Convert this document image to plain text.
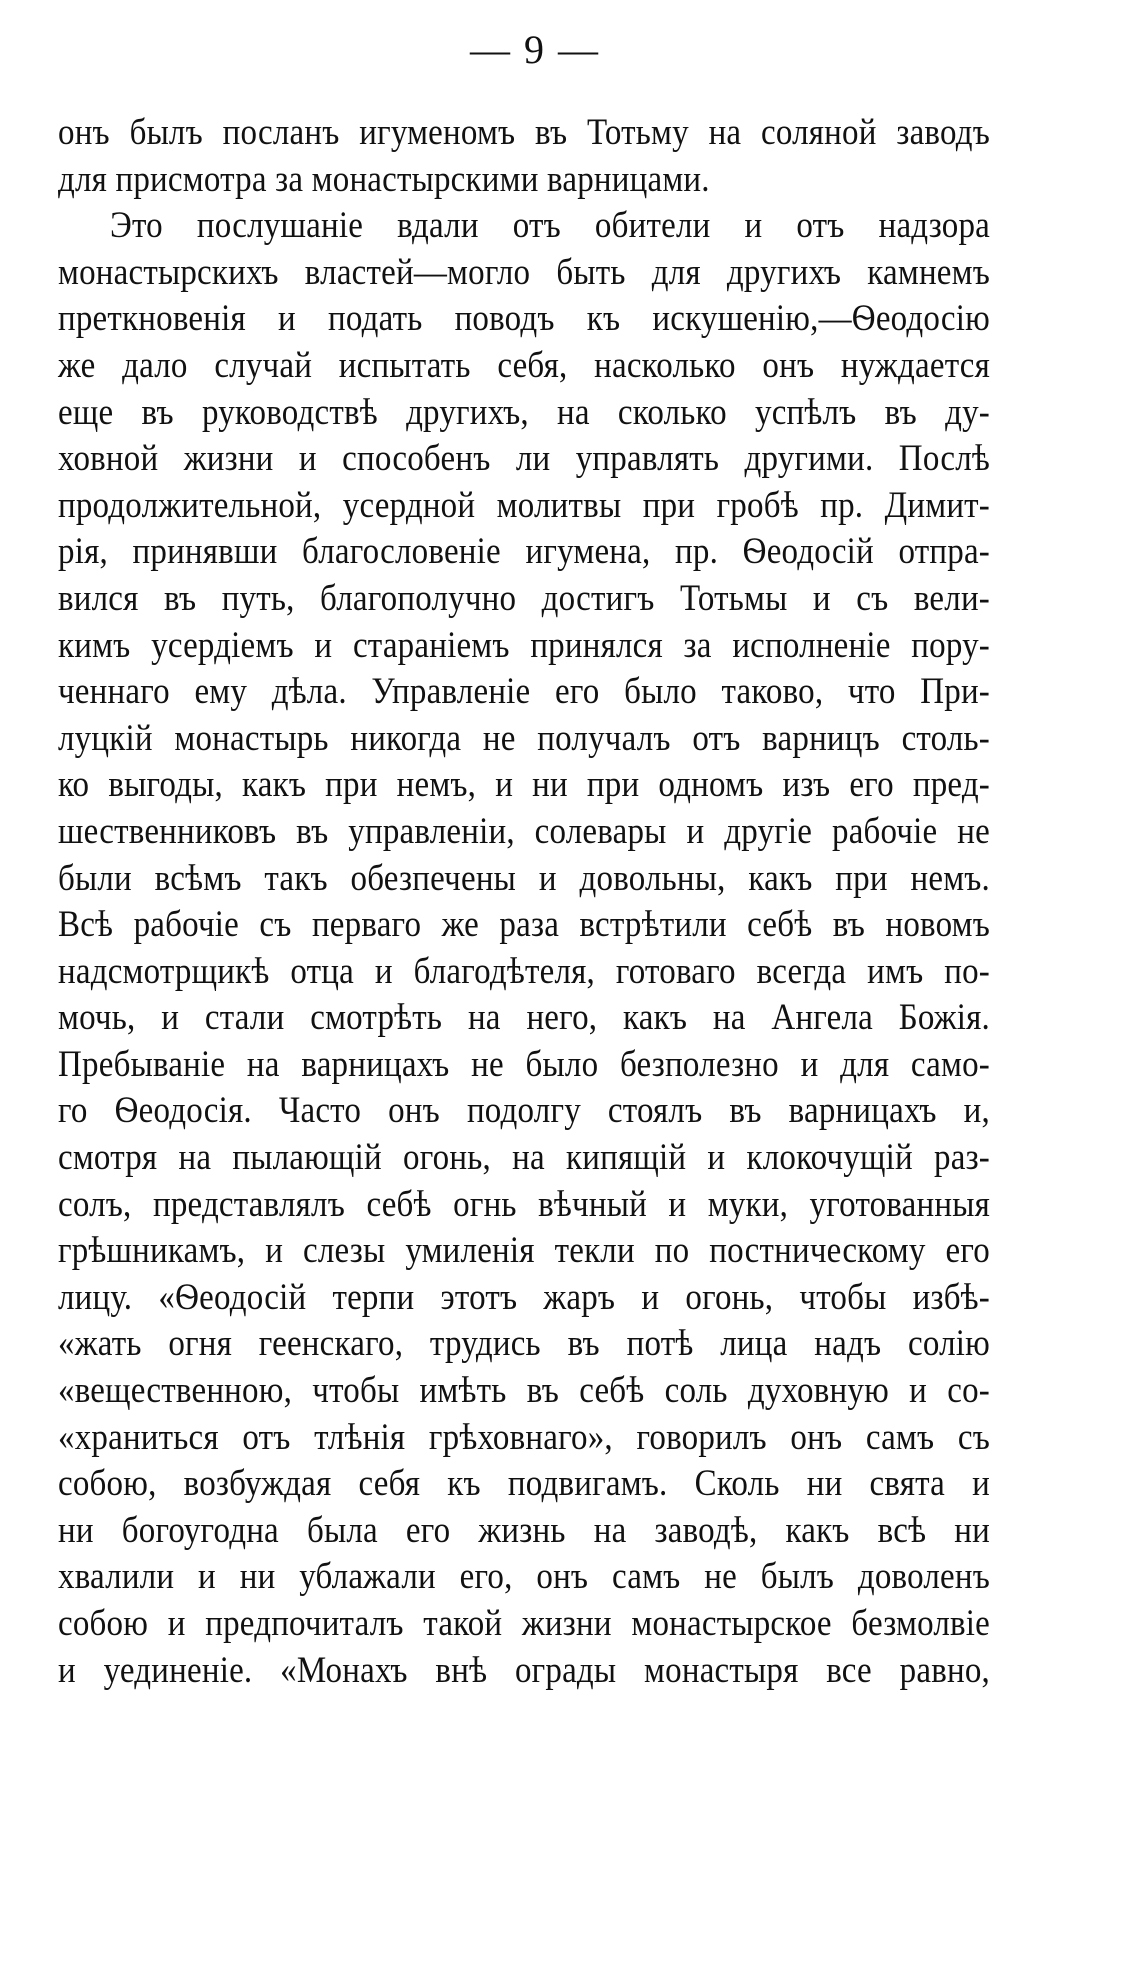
— 9 —
онъ былъ посланъ игуменомъ въ Тотьму на соляной заводъ
для присмотра за монастырскими варницами.
Это послушаніе вдали отъ обители и отъ надзора
монастырскихъ властей—могло быть для другихъ камнемъ
преткновенія и подать поводъ къ искушенію,—Ѳеодосію
же дало случай испытать себя, насколько онъ нуждается
еще въ руководствѣ другихъ, на сколько успѣлъ въ ду-
ховной жизни и способенъ ли управлять другими. Послѣ
продолжительной, усердной молитвы при гробѣ пр. Димит-
рія, принявши благословеніе игумена, пр. Ѳеодосій отпра-
вился въ путь, благополучно достигъ Тотьмы и съ вели-
кимъ усердіемъ и стараніемъ принялся за исполненіе пору-
ченнаго ему дѣла. Управленіе его было таково, что При-
луцкій монастырь никогда не получалъ отъ варницъ столь-
ко выгоды, какъ при немъ, и ни при одномъ изъ его пред-
шественниковъ въ управленіи, солевары и другіе рабочіе не
были всѣмъ такъ обезпечены и довольны, какъ при немъ.
Всѣ рабочіе съ перваго же раза встрѣтили себѣ въ новомъ
надсмотрщикѣ отца и благодѣтеля, готоваго всегда имъ по-
мочь, и стали смотрѣть на него, какъ на Ангела Божія.
Пребываніе на варницахъ не было безполезно и для само-
го Ѳеодосія. Часто онъ подолгу стоялъ въ варницахъ и,
смотря на пылающій огонь, на кипящій и клокочущій раз-
солъ, представлялъ себѣ огнь вѣчный и муки, уготованныя
грѣшникамъ, и слезы умиленія текли по постническому его
лицу. «Ѳеодосій терпи этотъ жаръ и огонь, чтобы избѣ-
«жать огня геенскаго, трудись въ потѣ лица надъ солію
«вещественною, чтобы имѣть въ себѣ соль духовную и со-
«храниться отъ тлѣнія грѣховнаго», говорилъ онъ самъ съ
собою, возбуждая себя къ подвигамъ. Сколь ни свята и
ни богоугодна была его жизнь на заводѣ, какъ всѣ ни
хвалили и ни ублажали его, онъ самъ не былъ доволенъ
собою и предпочиталъ такой жизни монастырское безмолвіе
и уединеніе. «Монахъ внѣ ограды монастыря все равно,
